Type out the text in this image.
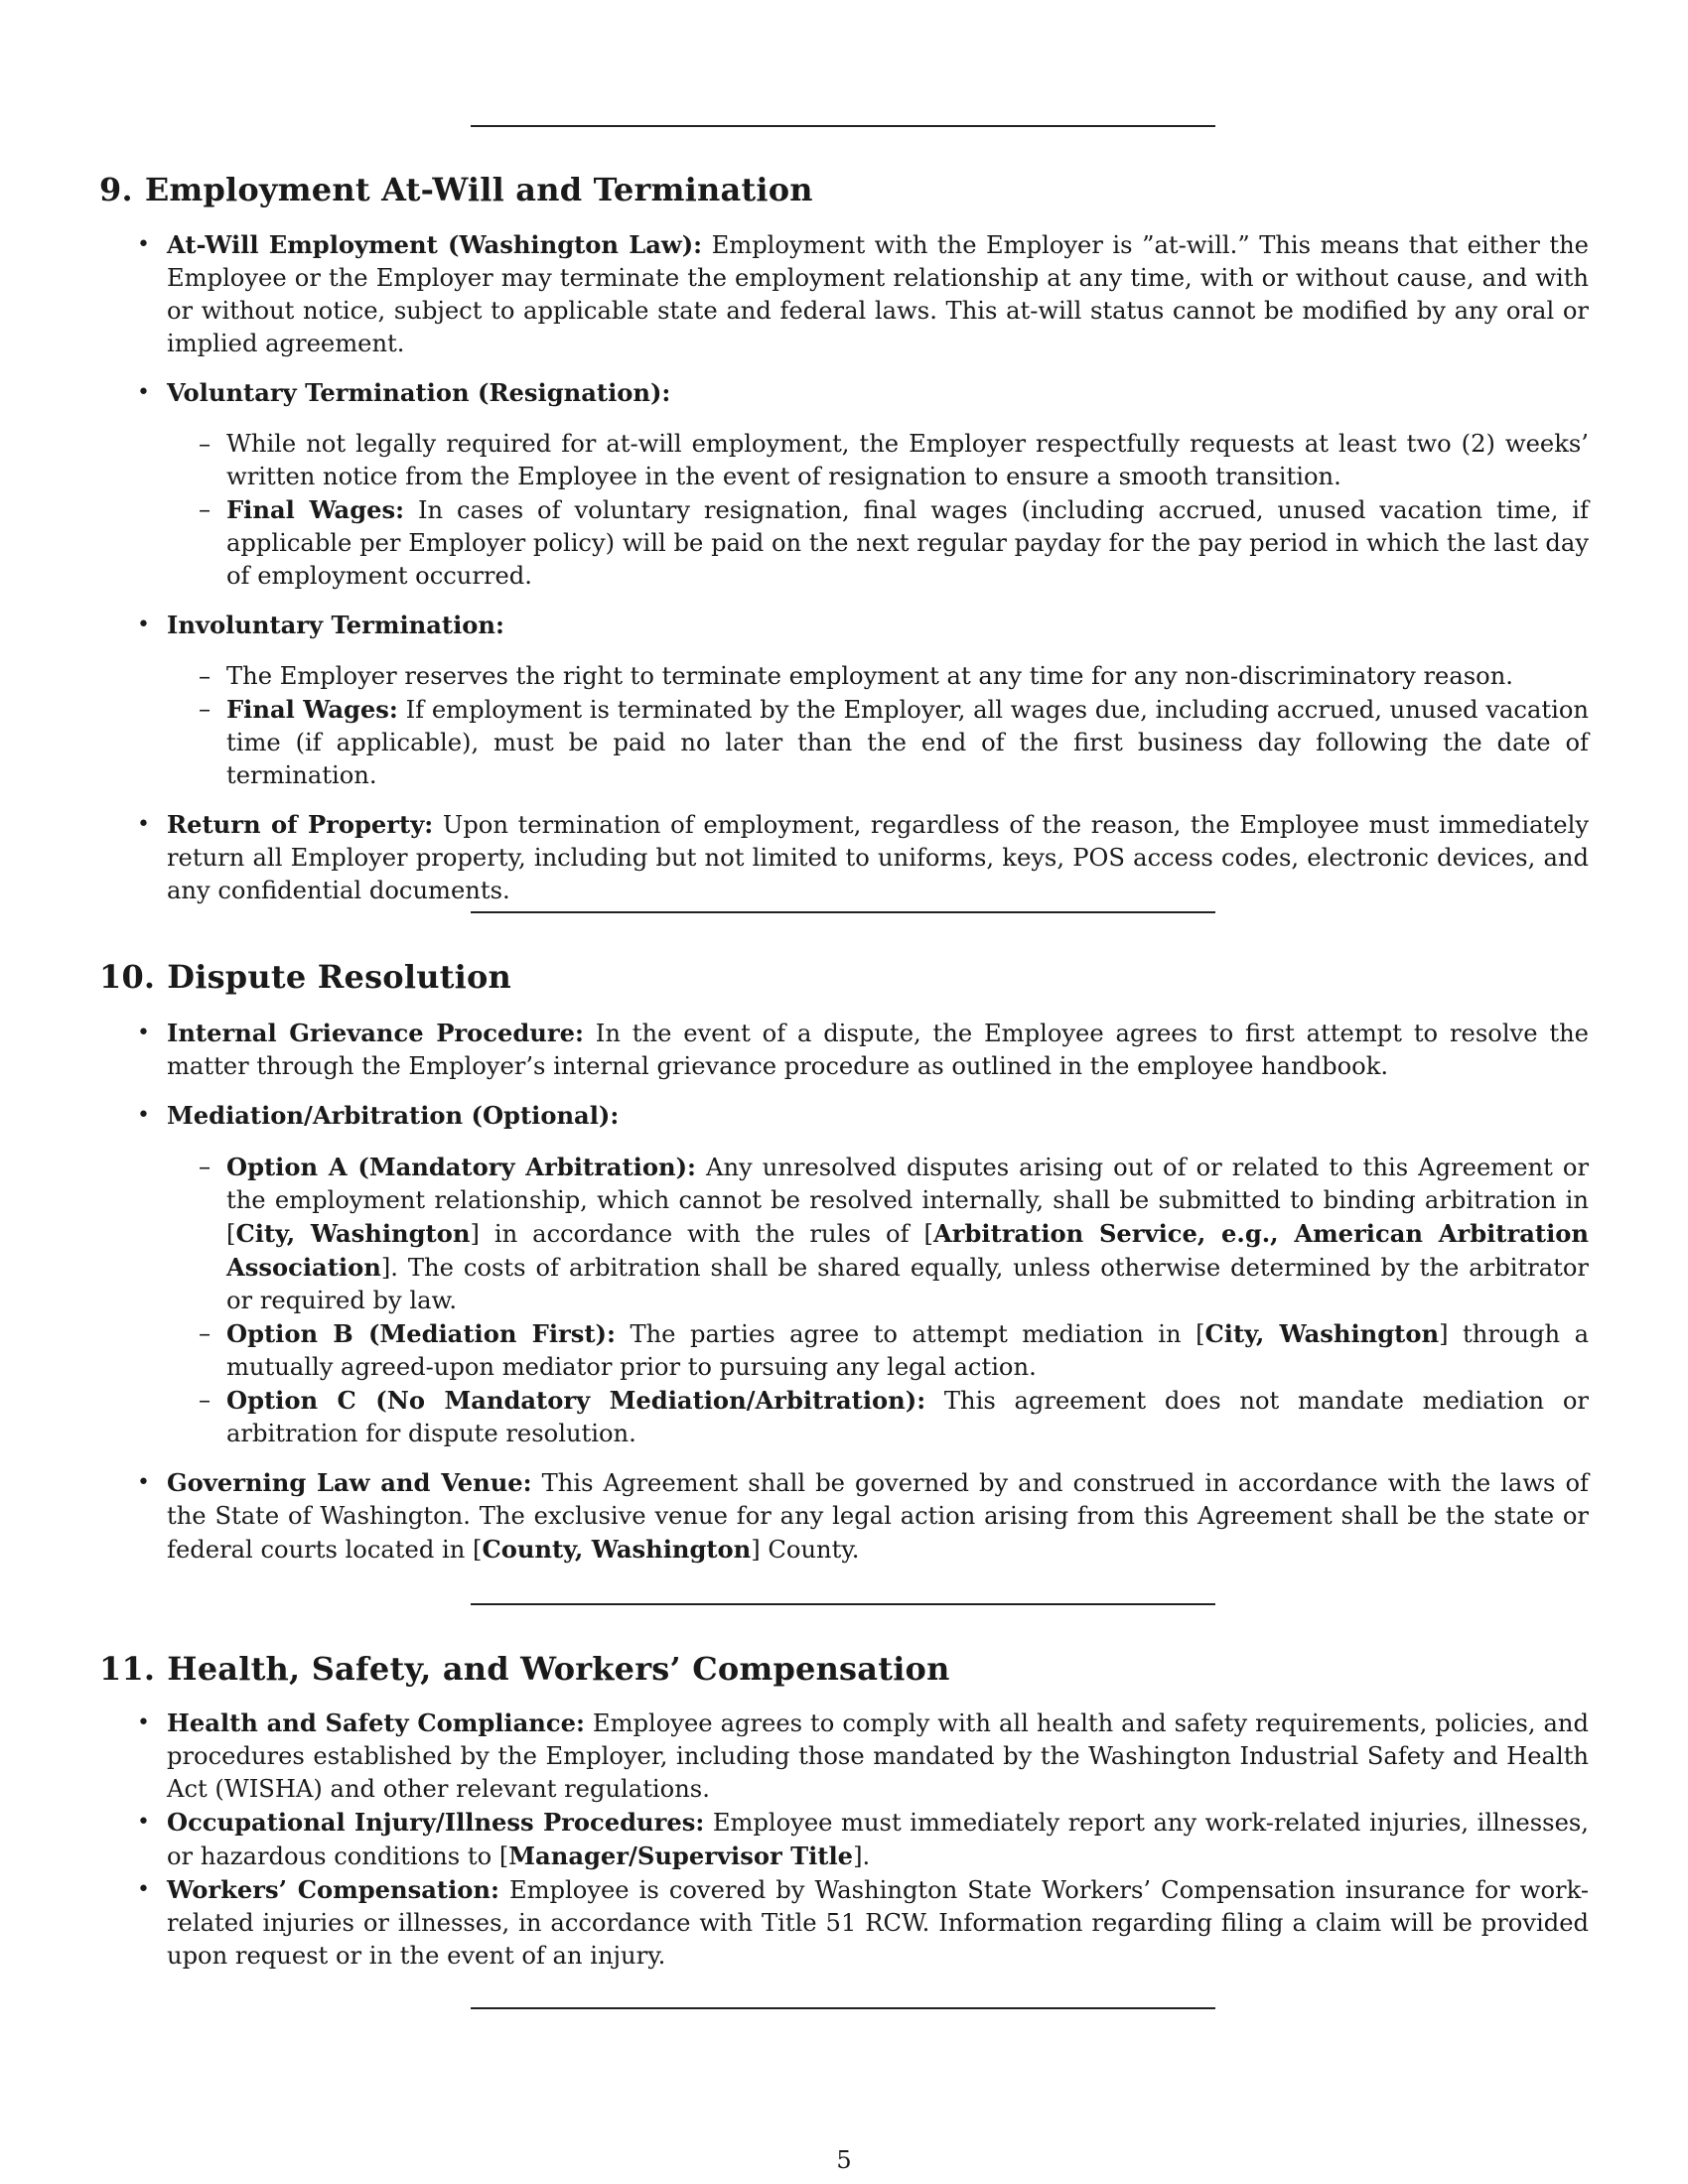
9. Employment At-Will and Termination
• At-Will Employment (Washington Law): Employment with the Employer is ”at-will.” This means that either the Employee or the Employer may terminate the employment relationship at any time, with or without cause, and with or without notice, subject to applicable state and federal laws. This at-will status cannot be modified by any oral or implied agreement.
• Voluntary Termination (Resignation):
– While not legally required for at-will employment, the Employer respectfully requests at least two (2) weeks’ written notice from the Employee in the event of resignation to ensure a smooth transition.
– Final Wages: In cases of voluntary resignation, final wages (including accrued, unused vacation time, if applicable per Employer policy) will be paid on the next regular payday for the pay period in which the last day of employment occurred.
• Involuntary Termination:
– The Employer reserves the right to terminate employment at any time for any non-discriminatory reason.
– Final Wages: If employment is terminated by the Employer, all wages due, including accrued, unused vacation time (if applicable), must be paid no later than the end of the first business day following the date of termination.
• Return of Property: Upon termination of employment, regardless of the reason, the Employee must immediately return all Employer property, including but not limited to uniforms, keys, POS access codes, electronic devices, and any confidential documents.
10. Dispute Resolution
• Internal Grievance Procedure: In the event of a dispute, the Employee agrees to first attempt to resolve the matter through the Employer’s internal grievance procedure as outlined in the employee handbook.
• Mediation/Arbitration (Optional):
– Option A (Mandatory Arbitration): Any unresolved disputes arising out of or related to this Agreement or the employment relationship, which cannot be resolved internally, shall be submitted to binding arbitration in [City, Washington] in accordance with the rules of [Arbitration Service, e.g., American Arbitration Association]. The costs of arbitration shall be shared equally, unless otherwise determined by the arbitrator or required by law.
– Option B (Mediation First): The parties agree to attempt mediation in [City, Washington] through a mutually agreed-upon mediator prior to pursuing any legal action.
– Option C (No Mandatory Mediation/Arbitration): This agreement does not mandate mediation or arbitration for dispute resolution.
• Governing Law and Venue: This Agreement shall be governed by and construed in accordance with the laws of the State of Washington. The exclusive venue for any legal action arising from this Agreement shall be the state or federal courts located in [County, Washington] County.
11. Health, Safety, and Workers’ Compensation
• Health and Safety Compliance: Employee agrees to comply with all health and safety requirements, policies, and procedures established by the Employer, including those mandated by the Washington Industrial Safety and Health Act (WISHA) and other relevant regulations.
• Occupational Injury/Illness Procedures: Employee must immediately report any work-related injuries, illnesses, or hazardous conditions to [Manager/Supervisor Title].
• Workers’ Compensation: Employee is covered by Washington State Workers’ Compensation insurance for work-related injuries or illnesses, in accordance with Title 51 RCW. Information regarding filing a claim will be provided upon request or in the event of an injury.
5
